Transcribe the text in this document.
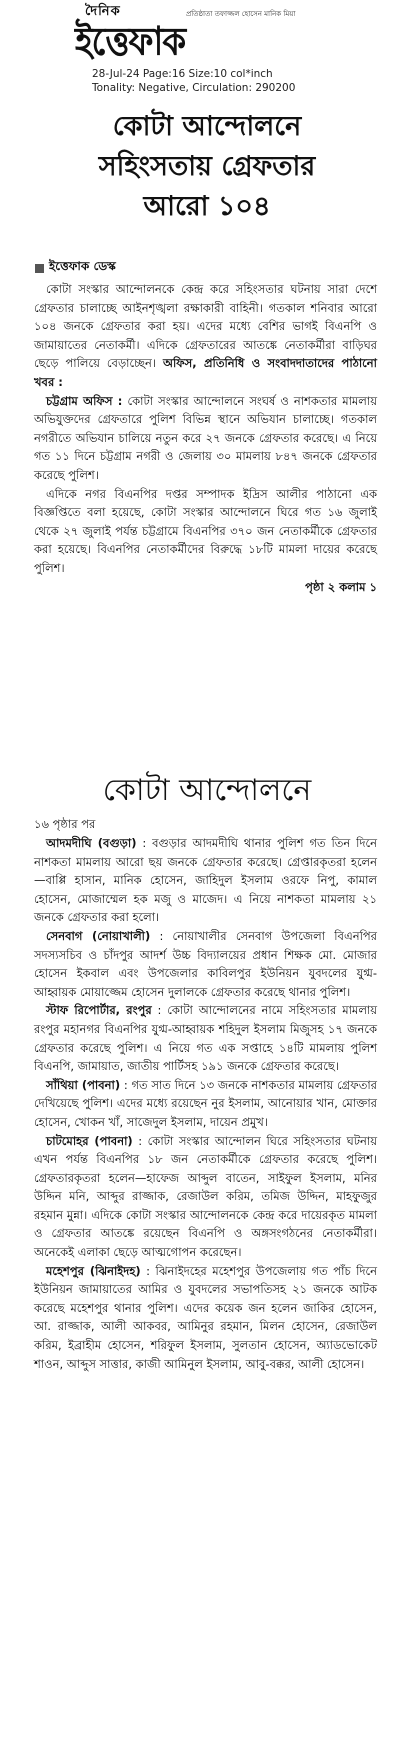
দৈনিক	প্রতিষ্ঠাতা তফাজ্জল হোসেন মানিক মিয়া
ইত্তেফাক
28-Jul-24 Page:16 Size:10 col*inch
Tonality: Negative, Circulation: 290200
কোটা আন্দোলনে
সহিংসতায় গ্রেফতার
আরো ১০৪
ইত্তেফাক ডেস্ক

কোটা সংস্কার আন্দোলনকে কেন্দ্র করে সহিংসতার ঘটনায় সারা দেশে গ্রেফতার চালাচ্ছে আইনশৃঙ্খলা রক্ষাকারী বাহিনী। গতকাল শনিবার আরো ১০৪ জনকে গ্রেফতার করা হয়। এদের মধ্যে বেশির ভাগই বিএনপি ও জামায়াতের নেতাকর্মী। এদিকে গ্রেফতারের আতঙ্কে নেতাকর্মীরা বাড়িঘর ছেড়ে পালিয়ে বেড়াচ্ছেন। অফিস, প্রতিনিধি ও সংবাদদাতাদের পাঠানো খবর :

চট্টগ্রাম অফিস : কোটা সংস্কার আন্দোলনে সংঘর্ষ ও নাশকতার মামলায় অভিযুক্তদের গ্রেফতারে পুলিশ বিভিন্ন স্থানে অভিযান চালাচ্ছে। গতকাল নগরীতে অভিযান চালিয়ে নতুন করে ২৭ জনকে গ্রেফতার করেছে। এ নিয়ে গত ১১ দিনে চট্টগ্রাম নগরী ও জেলায় ৩০ মামলায় ৮৪৭ জনকে গ্রেফতার করেছে পুলিশ।

এদিকে নগর বিএনপির দপ্তর সম্পাদক ইদ্রিস আলীর পাঠানো এক বিজ্ঞপ্তিতে বলা হয়েছে, কোটা সংস্কার আন্দোলনে ঘিরে গত ১৬ জুলাই থেকে ২৭ জুলাই পর্যন্ত চট্টগ্রামে বিএনপির ৩৭০ জন নেতাকর্মীকে গ্রেফতার করা হয়েছে। বিএনপির নেতাকর্মীদের বিরুদ্ধে ১৮টি মামলা দায়ের করেছে পুলিশ।

পৃষ্ঠা ২ কলাম ১

কোটা আন্দোলনে
১৬ পৃষ্ঠার পর

আদমদীঘি (বগুড়া) : বগুড়ার আদমদীঘি থানার পুলিশ গত তিন দিনে নাশকতা মামলায় আরো ছয় জনকে গ্রেফতার করেছে। গ্রেপ্তারকৃতরা হলেন—বাপ্পি হাসান, মানিক হোসেন, জাহিদুল ইসলাম ওরফে নিপু, কামাল হোসেন, মোজাম্মেল হক মজু ও মাজেদ। এ নিয়ে নাশকতা মামলায় ২১ জনকে গ্রেফতার করা হলো।

সেনবাগ (নোয়াখালী) : নোয়াখালীর সেনবাগ উপজেলা বিএনপির সদস্যসচিব ও চাঁদপুর আদর্শ উচ্চ বিদ্যালয়ের প্রধান শিক্ষক মো. মোজার হোসেন ইকবাল এবং উপজেলার কাবিলপুর ইউনিয়ন যুবদলের যুগ্ম-আহ্বায়ক মোয়াজ্জেম হোসেন দুলালকে গ্রেফতার করেছে থানার পুলিশ।

স্টাফ রিপোর্টার, রংপুর : কোটা আন্দোলনের নামে সহিংসতার মামলায় রংপুর মহানগর বিএনপির যুগ্ম-আহ্বায়ক শহিদুল ইসলাম মিজুসহ ১৭ জনকে গ্রেফতার করেছে পুলিশ। এ নিয়ে গত এক সপ্তাহে ১৪টি মামলায় পুলিশ বিএনপি, জামায়াত, জাতীয় পার্টিসহ ১৯১ জনকে গ্রেফতার করেছে।

সাঁথিয়া (পাবনা) : গত সাত দিনে ১৩ জনকে নাশকতার মামলায় গ্রেফতার দেখিয়েছে পুলিশ। এদের মধ্যে রয়েছেন নুর ইসলাম, আনোয়ার খান, মোক্তার হোসেন, খোকন খাঁ, সাজেদুল ইসলাম, দায়েন প্রমুখ।

চাটমোহর (পাবনা) : কোটা সংস্কার আন্দোলন ঘিরে সহিংসতার ঘটনায় এখন পর্যন্ত বিএনপির ১৮ জন নেতাকর্মীকে গ্রেফতার করেছে পুলিশ। গ্রেফতারকৃতরা হলেন—হাফেজ আব্দুল বাতেন, সাইফুল ইসলাম, মনির উদ্দিন মনি, আব্দুর রাজ্জাক, রেজাউল করিম, তমিজ উদ্দিন, মাহফুজুর রহমান মুন্না। এদিকে কোটা সংস্কার আন্দোলনকে কেন্দ্র করে দায়েরকৃত মামলা ও গ্রেফতার আতঙ্কে রয়েছেন বিএনপি ও অঙ্গসংগঠনের নেতাকর্মীরা। অনেকেই এলাকা ছেড়ে আত্মগোপন করেছেন।

মহেশপুর (ঝিনাইদহ) : ঝিনাইদহের মহেশপুর উপজেলায় গত পাঁচ দিনে ইউনিয়ন জামায়াতের আমির ও যুবদলের সভাপতিসহ ২১ জনকে আটক করেছে মহেশপুর থানার পুলিশ। এদের কয়েক জন হলেন জাকির হোসেন, আ. রাজ্জাক, আলী আকবর, আমিনুর রহমান, মিলন হোসেন, রেজাউল করিম, ইব্রাহীম হোসেন, শরিফুল ইসলাম, সুলতান হোসেন, অ্যাডভোকেট শাওন, আব্দুস সাত্তার, কাজী আমিনুল ইসলাম, আবু-বক্কর, আলী হোসেন।
